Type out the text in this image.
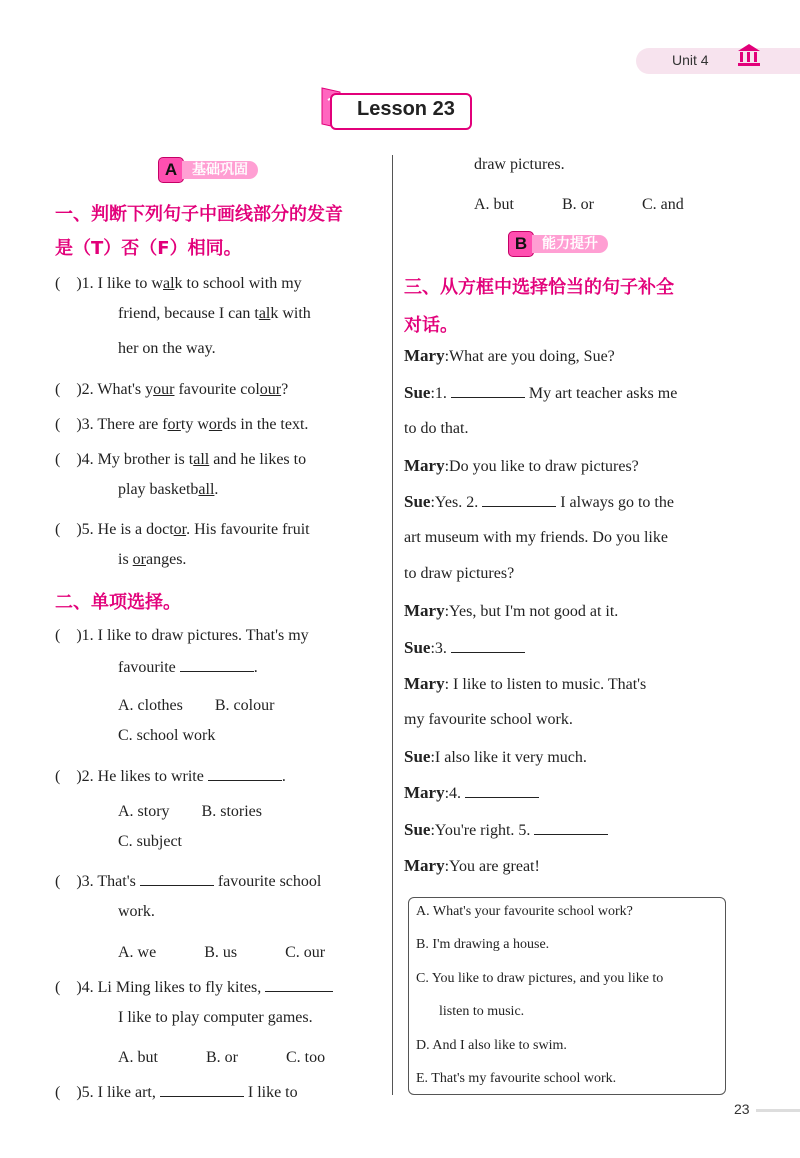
Unit 4
Lesson 23
A	基础巩固
一、判断下列句子中画线部分的发音
是（T）否（F）相同。
(　)1. I like to walk to school with my
friend, because I can talk with
her on the way.
(　)2. What's your favourite colour?
(　)3. There are forty words in the text.
(　)4. My brother is tall and he likes to
play basketball.
(　)5. He is a doctor. His favourite fruit
is oranges.
二、单项选择。
(　)1. I like to draw pictures. That's my
favourite	.
A. clothes　　B. colour
C. school work
(　)2. He likes to write	.
A. story　　B. stories
C. subject
(　)3. That's	favourite school
work.
A. we　　　B. us　　　C. our
(　)4. Li Ming likes to fly kites,
I like to play computer games.
A. but　　　B. or　　　C. too
(　)5. I like art,	I like to
draw pictures.
A. but　　　B. or　　　C. and
B	能力提升
三、从方框中选择恰当的句子补全
对话。
Mary:What are you doing, Sue?
Sue:1.	My art teacher asks me
to do that.
Mary:Do you like to draw pictures?
Sue:Yes. 2.	I always go to the
art museum with my friends. Do you like
to draw pictures?
Mary:Yes, but I'm not good at it.
Sue:3.
Mary: I like to listen to music. That's
my favourite school work.
Sue:I also like it very much.
Mary:4.
Sue:You're right. 5.
Mary:You are great!
A. What's your favourite school work?
B. I'm drawing a house.
C. You like to draw pictures, and you like to
listen to music.
D. And I also like to swim.
E. That's my favourite school work.
23
